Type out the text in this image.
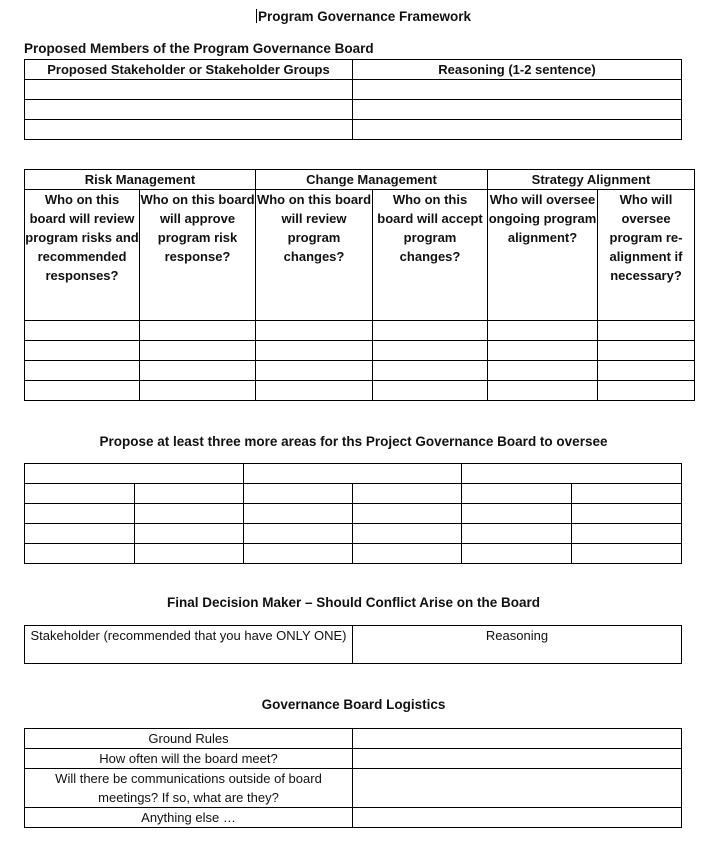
Program Governance Framework
Proposed Members of the Program Governance Board
Proposed Stakeholder or Stakeholder Groups	Reasoning (1-2 sentence)

Risk Management		Change Management		Strategy Alignment	
Who on this board will review program risks and recommended responses?	Who on this board will approve program risk response?	Who on this board will review program changes?	Who on this board will accept program changes?	Who will oversee ongoing program alignment?	Who will oversee program re-alignment if necessary?

Propose at least three more areas for ths Project Governance Board to oversee

Final Decision Maker – Should Conflict Arise on the Board
Stakeholder (recommended that you have ONLY ONE)	Reasoning
Governance Board Logistics
Ground Rules	
How often will the board meet?	
Will there be communications outside of board meetings? If so, what are they?	
Anything else …	
